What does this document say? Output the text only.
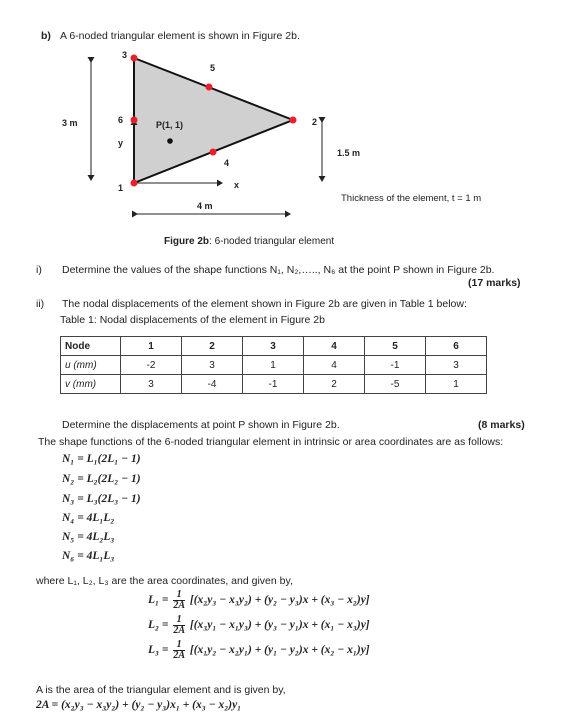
b) A 6-noded triangular element is shown in Figure 2b.
3
5
2
6
4
1
P(1, 1)
3 m
y
x
1.5 m
4 m
Thickness of the element, t = 1 m
Figure 2b: 6-noded triangular element
i) Determine the values of the shape functions N₁, N₂,….., N₆ at the point P shown in Figure 2b.
(17 marks)
ii) The nodal displacements of the element shown in Figure 2b are given in Table 1 below:
Table 1: Nodal displacements of the element in Figure 2b
Node	1	2	3	4	5	6
u (mm)	-2	3	1	4	-1	3
v (mm)	3	-4	-1	2	-5	1
Determine the displacements at point P shown in Figure 2b.	(8 marks)
The shape functions of the 6-noded triangular element in intrinsic or area coordinates are as follows:
N₁ = L₁(2L₁ − 1)
N₂ = L₂(2L₂ − 1)
N₃ = L₃(2L₃ − 1)
N₄ = 4L₁L₂
N₅ = 4L₂L₃
N₆ = 4L₁L₃
where L₁, L₂, L₃ are the area coordinates, and given by,
$L_1 = \frac{1}{2A} [(x_2y_3 - x_3y_2) + (y_2 - y_3)x + (x_3 - x_2)y]$
$L_2 = \frac{1}{2A} [(x_3y_1 - x_1y_3) + (y_3 - y_1)x + (x_1 - x_3)y]$
$L_3 = \frac{1}{2A} [(x_1y_2 - x_2y_1) + (y_1 - y_2)x + (x_2 - x_1)y]$
A is the area of the triangular element and is given by,
2A = (x₂y₃ − x₃y₂) + (y₂ − y₃)x₁ + (x₃ − x₂)y₁
